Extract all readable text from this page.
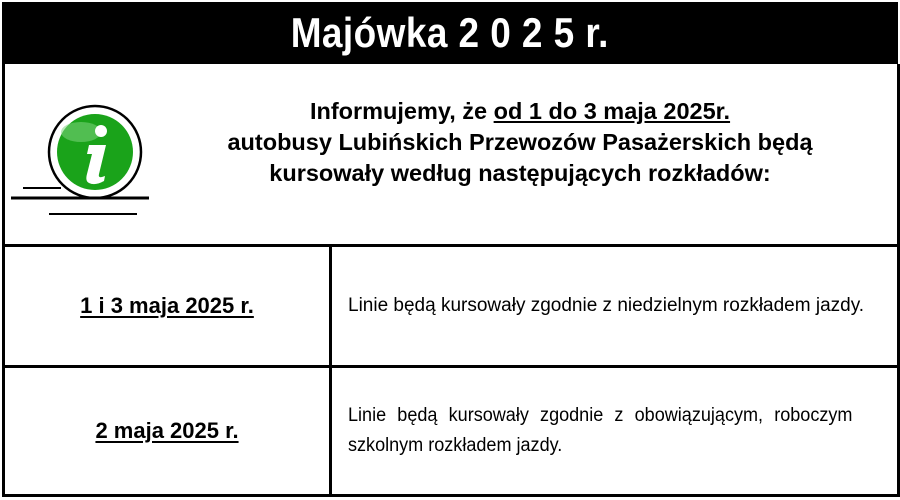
Majówka 2 0 2 5 r.
Informujemy, że od 1 do 3 maja 2025r.
autobusy Lubińskich Przewozów Pasażerskich będą
kursowały według następujących rozkładów:
1 i 3 maja 2025 r.	Linie będą kursowały zgodnie z niedzielnym rozkładem jazdy.

2 maja 2025 r.

Linie będą kursowały zgodnie z obowiązującym, roboczym szkolnym rozkładem jazdy.
